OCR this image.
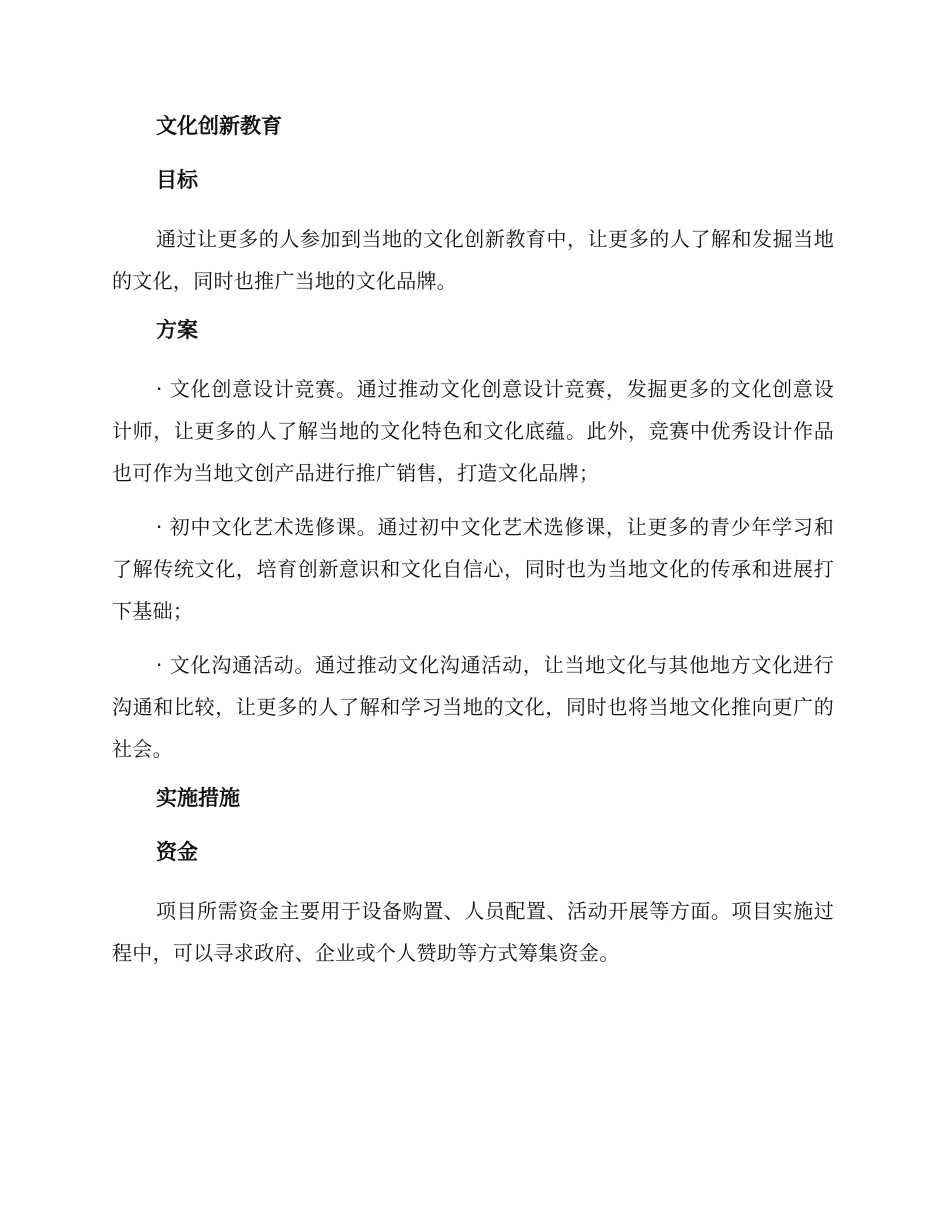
文化创新教育
目标

通过让更多的人参加到当地的文化创新教育中，让更多的人了解和发掘当地的文化，同时也推广当地的文化品牌。

方案

· 文化创意设计竞赛。通过推动文化创意设计竞赛，发掘更多的文化创意设计师，让更多的人了解当地的文化特色和文化底蕴。此外，竞赛中优秀设计作品也可作为当地文创产品进行推广销售，打造文化品牌；

· 初中文化艺术选修课。通过初中文化艺术选修课，让更多的青少年学习和了解传统文化，培育创新意识和文化自信心，同时也为当地文化的传承和进展打下基础；

· 文化沟通活动。通过推动文化沟通活动，让当地文化与其他地方文化进行沟通和比较，让更多的人了解和学习当地的文化，同时也将当地文化推向更广的社会。

实施措施
资金

项目所需资金主要用于设备购置、人员配置、活动开展等方面。项目实施过程中，可以寻求政府、企业或个人赞助等方式筹集资金。
